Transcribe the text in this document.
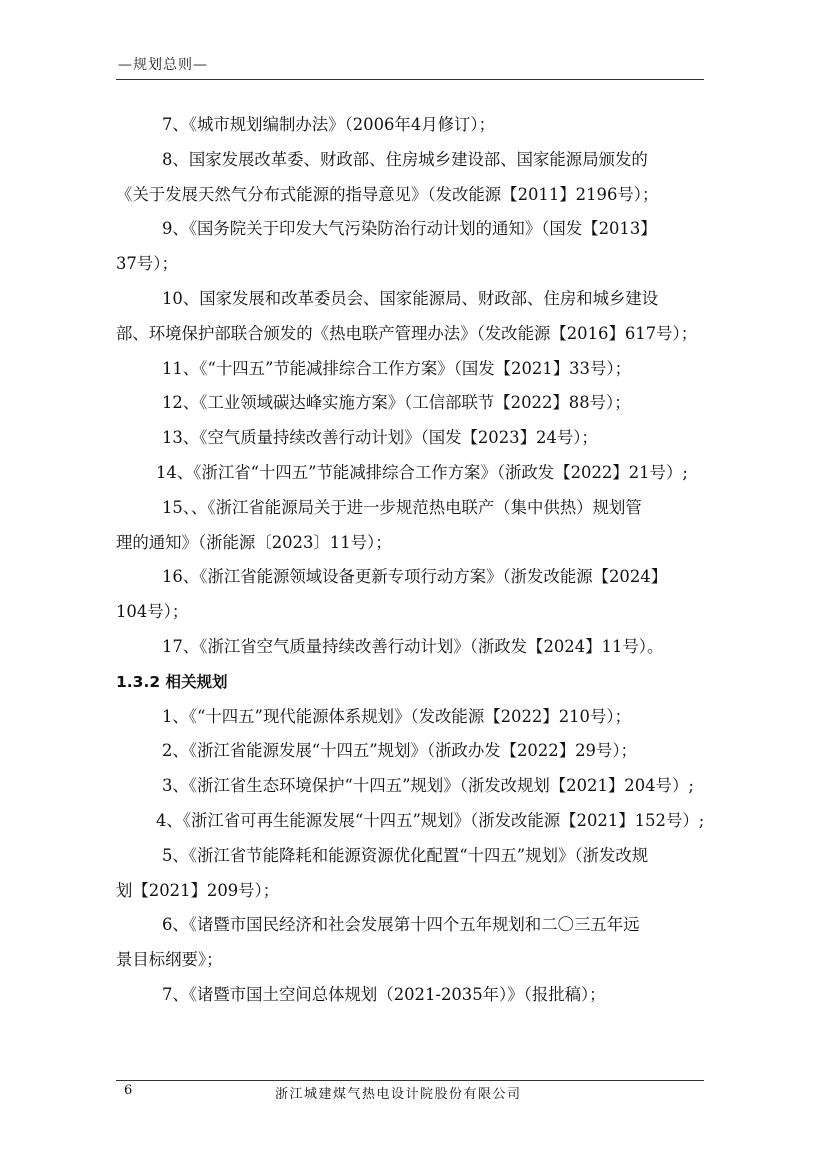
—规划总则—
7、《城市规划编制办法》（2006年4月修订）；
8、国家发展改革委、财政部、住房城乡建设部、国家能源局颁发的
《关于发展天然气分布式能源的指导意见》（发改能源【2011】2196号）；
9、《国务院关于印发大气污染防治行动计划的通知》（国发【2013】
37号）；
10、国家发展和改革委员会、国家能源局、财政部、住房和城乡建设
部、环境保护部联合颁发的《热电联产管理办法》（发改能源【2016】617号）；
11、《“十四五”节能减排综合工作方案》（国发【2021】33号）；
12、《工业领域碳达峰实施方案》（工信部联节【2022】88号）；
13、《空气质量持续改善行动计划》（国发【2023】24号）；
14、《浙江省“十四五”节能减排综合工作方案》（浙政发【2022】21号）;
15、、《浙江省能源局关于进一步规范热电联产（集中供热）规划管
理的通知》（浙能源〔2023〕11号）；
16、《浙江省能源领域设备更新专项行动方案》（浙发改能源【2024】
104号）；
17、《浙江省空气质量持续改善行动计划》（浙政发【2024】11号）。
1.3.2 相关规划
1、《“十四五”现代能源体系规划》（发改能源【2022】210号）；
2、《浙江省能源发展“十四五”规划》（浙政办发【2022】29号）；
3、《浙江省生态环境保护“十四五”规划》（浙发改规划【2021】204号）;
4、《浙江省可再生能源发展“十四五”规划》（浙发改能源【2021】152号）;
5、《浙江省节能降耗和能源资源优化配置“十四五”规划》（浙发改规
划【2021】209号）；
6、《诸暨市国民经济和社会发展第十四个五年规划和二〇三五年远
景目标纲要》；
7、《诸暨市国土空间总体规划（2021-2035年）》（报批稿）；
6	浙江城建煤气热电设计院股份有限公司
